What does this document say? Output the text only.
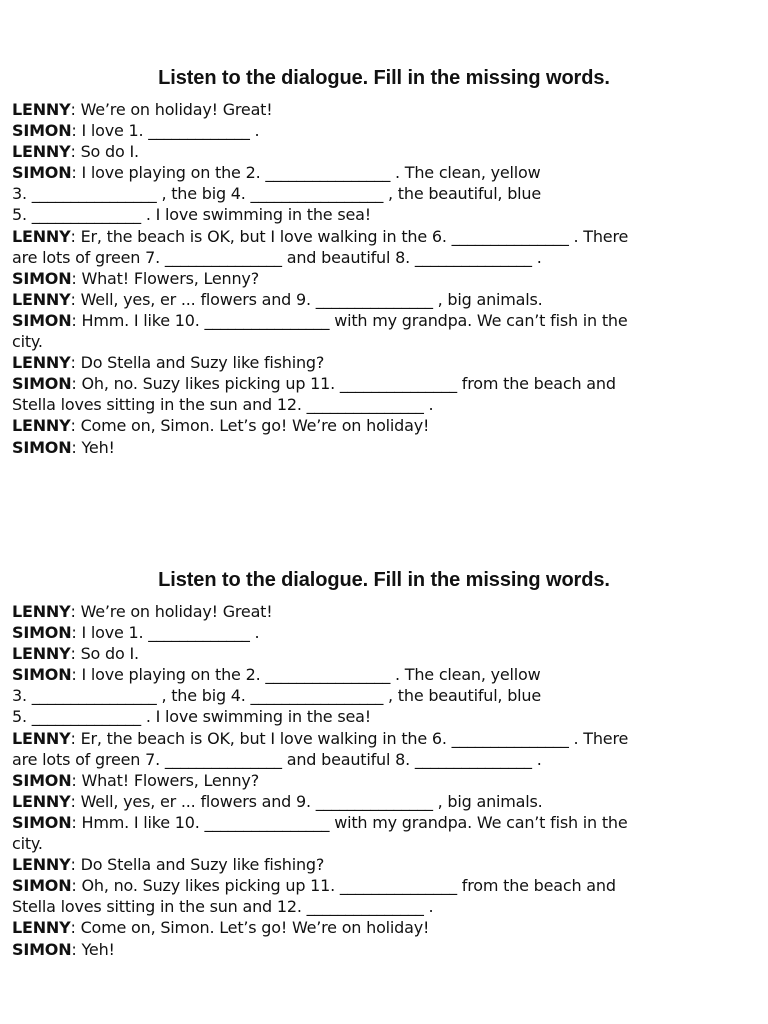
Listen to the dialogue. Fill in the missing words.
LENNY: We’re on holiday! Great!
SIMON: I love 1. _____________ .
LENNY: So do I.
SIMON: I love playing on the 2. ________________ . The clean, yellow
3. ________________ , the big 4. _________________ , the beautiful, blue
5. ______________ . I love swimming in the sea!
LENNY: Er, the beach is OK, but I love walking in the 6. _______________ . There
are lots of green 7. _______________ and beautiful 8. _______________ .
SIMON: What! Flowers, Lenny?
LENNY: Well, yes, er ... flowers and 9. _______________ , big animals.
SIMON: Hmm. I like 10. ________________ with my grandpa. We can’t fish in the
city.
LENNY: Do Stella and Suzy like fishing?
SIMON: Oh, no. Suzy likes picking up 11. _______________ from the beach and
Stella loves sitting in the sun and 12. _______________ .
LENNY: Come on, Simon. Let’s go! We’re on holiday!
SIMON: Yeh!
Listen to the dialogue. Fill in the missing words.
LENNY: We’re on holiday! Great!
SIMON: I love 1. _____________ .
LENNY: So do I.
SIMON: I love playing on the 2. ________________ . The clean, yellow
3. ________________ , the big 4. _________________ , the beautiful, blue
5. ______________ . I love swimming in the sea!
LENNY: Er, the beach is OK, but I love walking in the 6. _______________ . There
are lots of green 7. _______________ and beautiful 8. _______________ .
SIMON: What! Flowers, Lenny?
LENNY: Well, yes, er ... flowers and 9. _______________ , big animals.
SIMON: Hmm. I like 10. ________________ with my grandpa. We can’t fish in the
city.
LENNY: Do Stella and Suzy like fishing?
SIMON: Oh, no. Suzy likes picking up 11. _______________ from the beach and
Stella loves sitting in the sun and 12. _______________ .
LENNY: Come on, Simon. Let’s go! We’re on holiday!
SIMON: Yeh!
